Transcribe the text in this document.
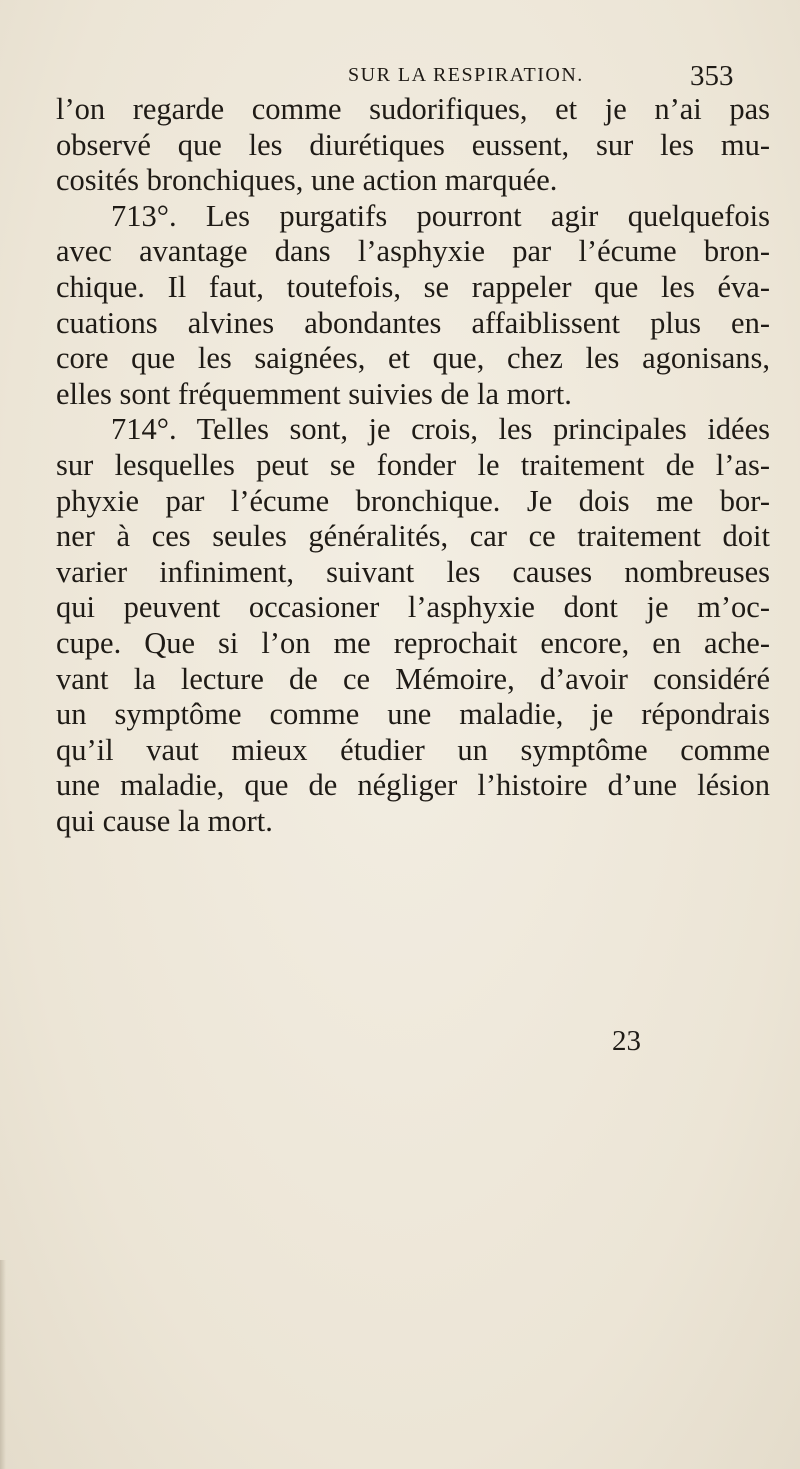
SUR LA RESPIRATION.	353
l’on regarde comme sudorifiques, et je n’ai pas
observé que les diurétiques eussent, sur les mu-
cosités bronchiques, une action marquée.
713°. Les purgatifs pourront agir quelquefois
avec avantage dans l’asphyxie par l’écume bron-
chique. Il faut, toutefois, se rappeler que les éva-
cuations alvines abondantes affaiblissent plus en-
core que les saignées, et que, chez les agonisans,
elles sont fréquemment suivies de la mort.
714°. Telles sont, je crois, les principales idées
sur lesquelles peut se fonder le traitement de l’as-
phyxie par l’écume bronchique. Je dois me bor-
ner à ces seules généralités, car ce traitement doit
varier infiniment, suivant les causes nombreuses
qui peuvent occasioner l’asphyxie dont je m’oc-
cupe. Que si l’on me reprochait encore, en ache-
vant la lecture de ce Mémoire, d’avoir considéré
un symptôme comme une maladie, je répondrais
qu’il vaut mieux étudier un symptôme comme
une maladie, que de négliger l’histoire d’une lésion
qui cause la mort.
23
